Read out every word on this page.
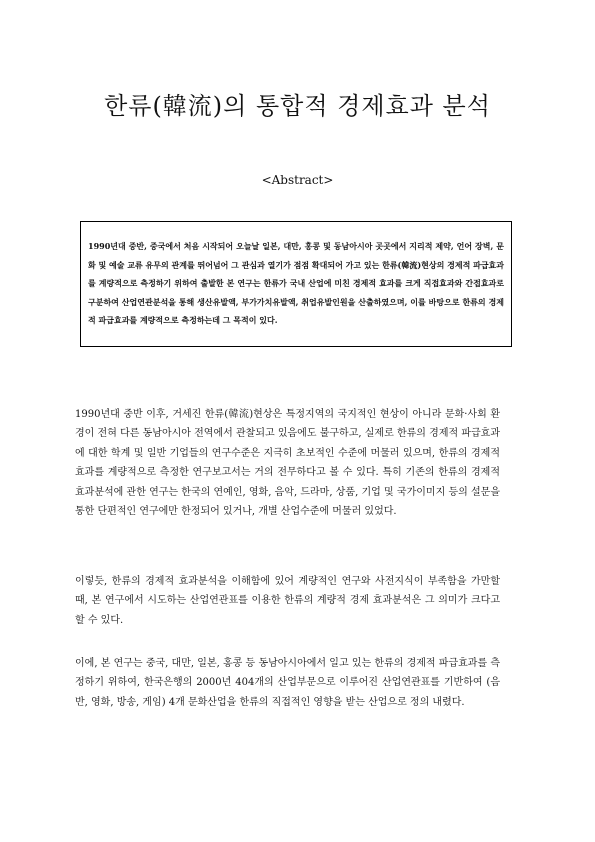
한류(韓流)의 통합적 경제효과 분석
<Abstract>
1990년대 중반, 중국에서 처음 시작되어 오늘날 일본, 대만, 홍콩 및 동남아시아 곳곳에서 지리적 제약, 언어 장벽, 문화 및 예술 교류 유무의 관계를 뛰어넘어 그 관심과 열기가 점점 확대되어 가고 있는 한류(韓流)현상의 경제적 파급효과를 계량적으로 측정하기 위하여 출발한 본 연구는 한류가 국내 산업에 미친 경제적 효과를 크게 직접효과와 간접효과로 구분하여 산업연관분석을 통해 생산유발액, 부가가치유발액, 취업유발인원을 산출하였으며, 이를 바탕으로 한류의 경제적 파급효과를 계량적으로 측정하는데 그 목적이 있다.
1990년대 중반 이후, 거세진 한류(韓流)현상은 특정지역의 국지적인 현상이 아니라 문화·사회 환경이 전혀 다른 동남아시아 전역에서 관찰되고 있음에도 불구하고, 실제로 한류의 경제적 파급효과에 대한 학계 및 일반 기업들의 연구수준은 지극히 초보적인 수준에 머물러 있으며, 한류의 경제적 효과를 계량적으로 측정한 연구보고서는 거의 전무하다고 볼 수 있다. 특히 기존의 한류의 경제적 효과분석에 관한 연구는 한국의 연예인, 영화, 음악, 드라마, 상품, 기업 및 국가이미지 등의 설문을 통한 단편적인 연구에만 한정되어 있거나, 개별 산업수준에 머물러 있었다.
이렇듯, 한류의 경제적 효과분석을 이해함에 있어 계량적인 연구와 사전지식이 부족함을 가만할 때, 본 연구에서 시도하는 산업연관표를 이용한 한류의 계량적 경제 효과분석은 그 의미가 크다고 할 수 있다.
이에, 본 연구는 중국, 대만, 일본, 홍콩 등 동남아시아에서 일고 있는 한류의 경제적 파급효과를 측정하기 위하여, 한국은행의 2000년 404개의 산업부문으로 이루어진 산업연관표를 기반하여 (음반, 영화, 방송, 게임) 4개 문화산업을 한류의 직접적인 영향을 받는 산업으로 정의 내렸다.
